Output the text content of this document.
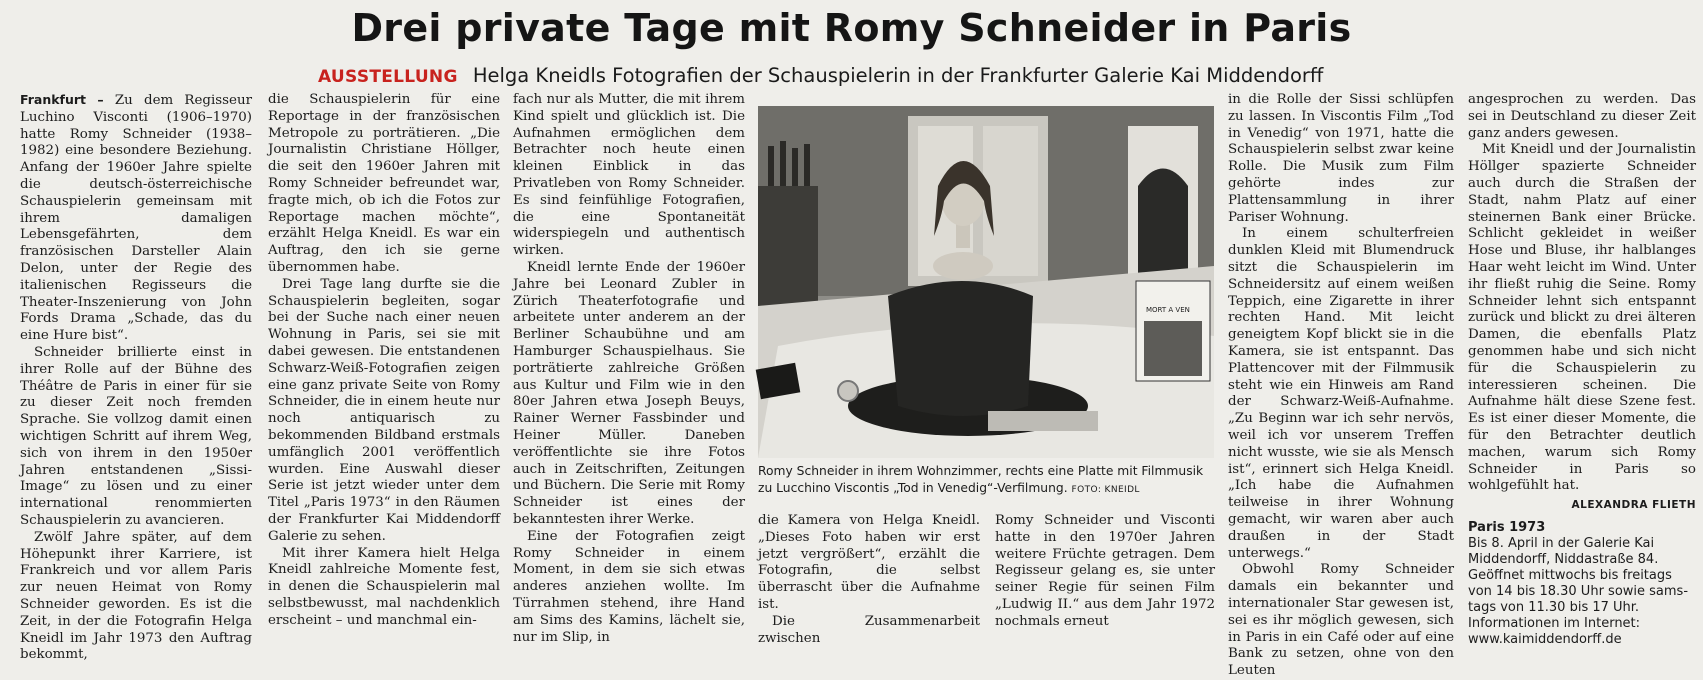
Drei private Tage mit Romy Schneider in Paris
AUSSTELLUNG Helga Kneidls Fotografien der Schauspielerin in der Frankfurter Galerie Kai Middendorff

Frankfurt – Zu dem Regisseur Luchino Visconti (1906–1970) hatte Romy Schneider (1938–1982) eine besondere Beziehung. Anfang der 1960er Jahre spielte die deutsch-österreichische Schauspielerin gemeinsam mit ihrem damaligen Lebensgefährten, dem französischen Darsteller Alain Delon, unter der Regie des italienischen Regisseurs die Theater-Inszenierung von John Fords Drama „Schade, das du eine Hure bist“.

Schneider brillierte einst in ihrer Rolle auf der Bühne des Théâtre de Paris in einer für sie zu dieser Zeit noch fremden Sprache. Sie vollzog damit einen wichtigen Schritt auf ihrem Weg, sich von ihrem in den 1950er Jahren entstandenen „Sissi-Image“ zu lösen und zu einer international renommierten Schauspielerin zu avancieren.

Zwölf Jahre später, auf dem Höhepunkt ihrer Karriere, ist Frankreich und vor allem Paris zur neuen Heimat von Romy Schneider geworden. Es ist die Zeit, in der die Fotografin Helga Kneidl im Jahr 1973 den Auftrag bekommt,

die Schauspielerin für eine Reportage in der französischen Metropole zu porträtieren. „Die Journalistin Christiane Höllger, die seit den 1960er Jahren mit Romy Schneider befreundet war, fragte mich, ob ich die Fotos zur Reportage machen möchte“, erzählt Helga Kneidl. Es war ein Auftrag, den ich sie gerne übernommen habe.

Drei Tage lang durfte sie die Schauspielerin begleiten, sogar bei der Suche nach einer neuen Wohnung in Paris, sei sie mit dabei gewesen. Die entstandenen Schwarz-Weiß-Fotografien zeigen eine ganz private Seite von Romy Schneider, die in einem heute nur noch antiquarisch zu bekommenden Bildband erstmals umfänglich 2001 veröffentlich wurden. Eine Auswahl dieser Serie ist jetzt wieder unter dem Titel „Paris 1973“ in den Räumen der Frankfurter Kai Middendorff Galerie zu sehen.

Mit ihrer Kamera hielt Helga Kneidl zahlreiche Momente fest, in denen die Schauspielerin mal selbstbewusst, mal nachdenklich erscheint – und manchmal ein-

fach nur als Mutter, die mit ihrem Kind spielt und glücklich ist. Die Aufnahmen ermöglichen dem Betrachter noch heute einen kleinen Einblick in das Privatleben von Romy Schneider. Es sind feinfühlige Fotografien, die eine Spontaneität widerspiegeln und authentisch wirken.

Kneidl lernte Ende der 1960er Jahre bei Leonard Zubler in Zürich Theaterfotografie und arbeitete unter anderem an der Berliner Schaubühne und am Hamburger Schauspielhaus. Sie porträtierte zahlreiche Größen aus Kultur und Film wie in den 80er Jahren etwa Joseph Beuys, Rainer Werner Fassbinder und Heiner Müller. Daneben veröffentlichte sie ihre Fotos auch in Zeitschriften, Zeitungen und Büchern. Die Serie mit Romy Schneider ist eines der bekanntesten ihrer Werke.

Eine der Fotografien zeigt Romy Schneider in einem Moment, in dem sie sich etwas anderes anziehen wollte. Im Türrahmen stehend, ihre Hand am Sims des Kamins, lächelt sie, nur im Slip, in

MORT A VEN
Romy Schneider in ihrem Wohnzimmer, rechts eine Platte mit Filmmusik zu Lucchino Viscontis „Tod in Venedig“-Verfilmung. FOTO: KNEIDL

die Kamera von Helga Kneidl. „Dieses Foto haben wir erst jetzt vergrößert“, erzählt die Fotografin, die selbst überrascht über die Aufnahme ist.

Die Zusammenarbeit zwischen

Romy Schneider und Visconti hatte in den 1970er Jahren weitere Früchte getragen. Dem Regisseur gelang es, sie unter seiner Regie für seinen Film „Ludwig II.“ aus dem Jahr 1972 nochmals erneut

in die Rolle der Sissi schlüpfen zu lassen. In Viscontis Film „Tod in Venedig“ von 1971, hatte die Schauspielerin selbst zwar keine Rolle. Die Musik zum Film gehörte indes zur Plattensammlung in ihrer Pariser Wohnung.

In einem schulterfreien dunklen Kleid mit Blumendruck sitzt die Schauspielerin im Schneidersitz auf einem weißen Teppich, eine Zigarette in ihrer rechten Hand. Mit leicht geneigtem Kopf blickt sie in die Kamera, sie ist entspannt. Das Plattencover mit der Filmmusik steht wie ein Hinweis am Rand der Schwarz-Weiß-Aufnahme. „Zu Beginn war ich sehr nervös, weil ich vor unserem Treffen nicht wusste, wie sie als Mensch ist“, erinnert sich Helga Kneidl. „Ich habe die Aufnahmen teilweise in ihrer Wohnung gemacht, wir waren aber auch draußen in der Stadt unterwegs.“

Obwohl Romy Schneider damals ein bekannter und internationaler Star gewesen ist, sei es ihr möglich gewesen, sich in Paris in ein Café oder auf eine Bank zu setzen, ohne von den Leuten

angesprochen zu werden. Das sei in Deutschland zu dieser Zeit ganz anders gewesen.

Mit Kneidl und der Journalistin Höllger spazierte Schneider auch durch die Straßen der Stadt, nahm Platz auf einer steinernen Bank einer Brücke. Schlicht gekleidet in weißer Hose und Bluse, ihr halblanges Haar weht leicht im Wind. Unter ihr fließt ruhig die Seine. Romy Schneider lehnt sich entspannt zurück und blickt zu drei älteren Damen, die ebenfalls Platz genommen habe und sich nicht für die Schauspielerin zu interessieren scheinen. Die Aufnahme hält diese Szene fest. Es ist einer dieser Momente, die für den Betrachter deutlich machen, warum sich Romy Schneider in Paris so wohlgefühlt hat.

ALEXANDRA FLIETH
Paris 1973
Bis 8. April in der Galerie Kai
Middendorff, Niddastraße 84.
Geöffnet mittwochs bis freitags
von 14 bis 18.30 Uhr sowie sams-
tags von 11.30 bis 17 Uhr.
Informationen im Internet:
www.kaimiddendorff.de
